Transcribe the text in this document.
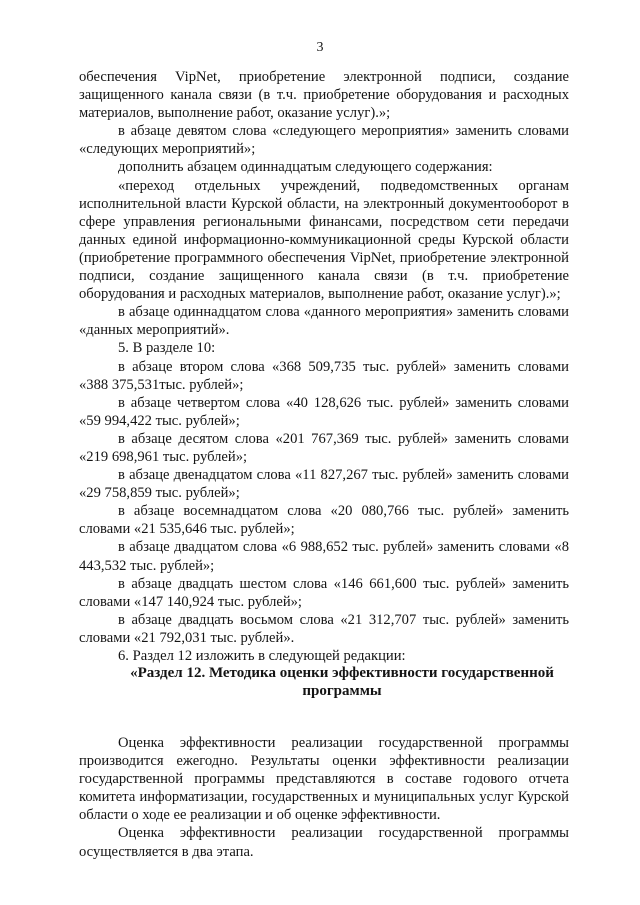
3

обеспечения VipNet, приобретение электронной подписи, создание защищенного канала связи (в т.ч. приобретение оборудования и расходных материалов, выполнение работ, оказание услуг).»;

в абзаце девятом слова «следующего мероприятия» заменить словами «следующих мероприятий»;

дополнить абзацем одиннадцатым следующего содержания:

«переход отдельных учреждений, подведомственных органам исполнительной власти Курской области, на электронный документооборот в сфере управления региональными финансами, посредством сети передачи данных единой информационно-коммуникационной среды Курской области (приобретение программного обеспечения VipNet, приобретение электронной подписи, создание защищенного канала связи (в т.ч. приобретение оборудования и расходных материалов, выполнение работ, оказание услуг).»;

в абзаце одиннадцатом слова «данного мероприятия» заменить словами «данных мероприятий».

5. В разделе 10:

в абзаце втором слова «368 509,735 тыс. рублей» заменить словами «388 375,531тыс. рублей»;

в абзаце четвертом слова «40 128,626 тыс. рублей» заменить словами «59 994,422 тыс. рублей»;

в абзаце десятом слова «201 767,369 тыс. рублей» заменить словами «219 698,961 тыс. рублей»;

в абзаце двенадцатом слова «11 827,267 тыс. рублей» заменить словами «29 758,859 тыс. рублей»;

в абзаце восемнадцатом слова «20 080,766 тыс. рублей» заменить словами «21 535,646 тыс. рублей»;

в абзаце двадцатом слова «6 988,652 тыс. рублей» заменить словами «8 443,532 тыс. рублей»;

в абзаце двадцать шестом слова «146 661,600 тыс. рублей» заменить словами «147 140,924 тыс. рублей»;

в абзаце двадцать восьмом слова «21 312,707 тыс. рублей» заменить словами «21 792,031 тыс. рублей».

6. Раздел 12 изложить в следующей редакции:

«Раздел 12. Методика оценки эффективности государственной программы

Оценка эффективности реализации государственной программы производится ежегодно. Результаты оценки эффективности реализации государственной программы представляются в составе годового отчета комитета информатизации, государственных и муниципальных услуг Курской области о ходе ее реализации и об оценке эффективности.

Оценка эффективности реализации государственной программы осуществляется в два этапа.
